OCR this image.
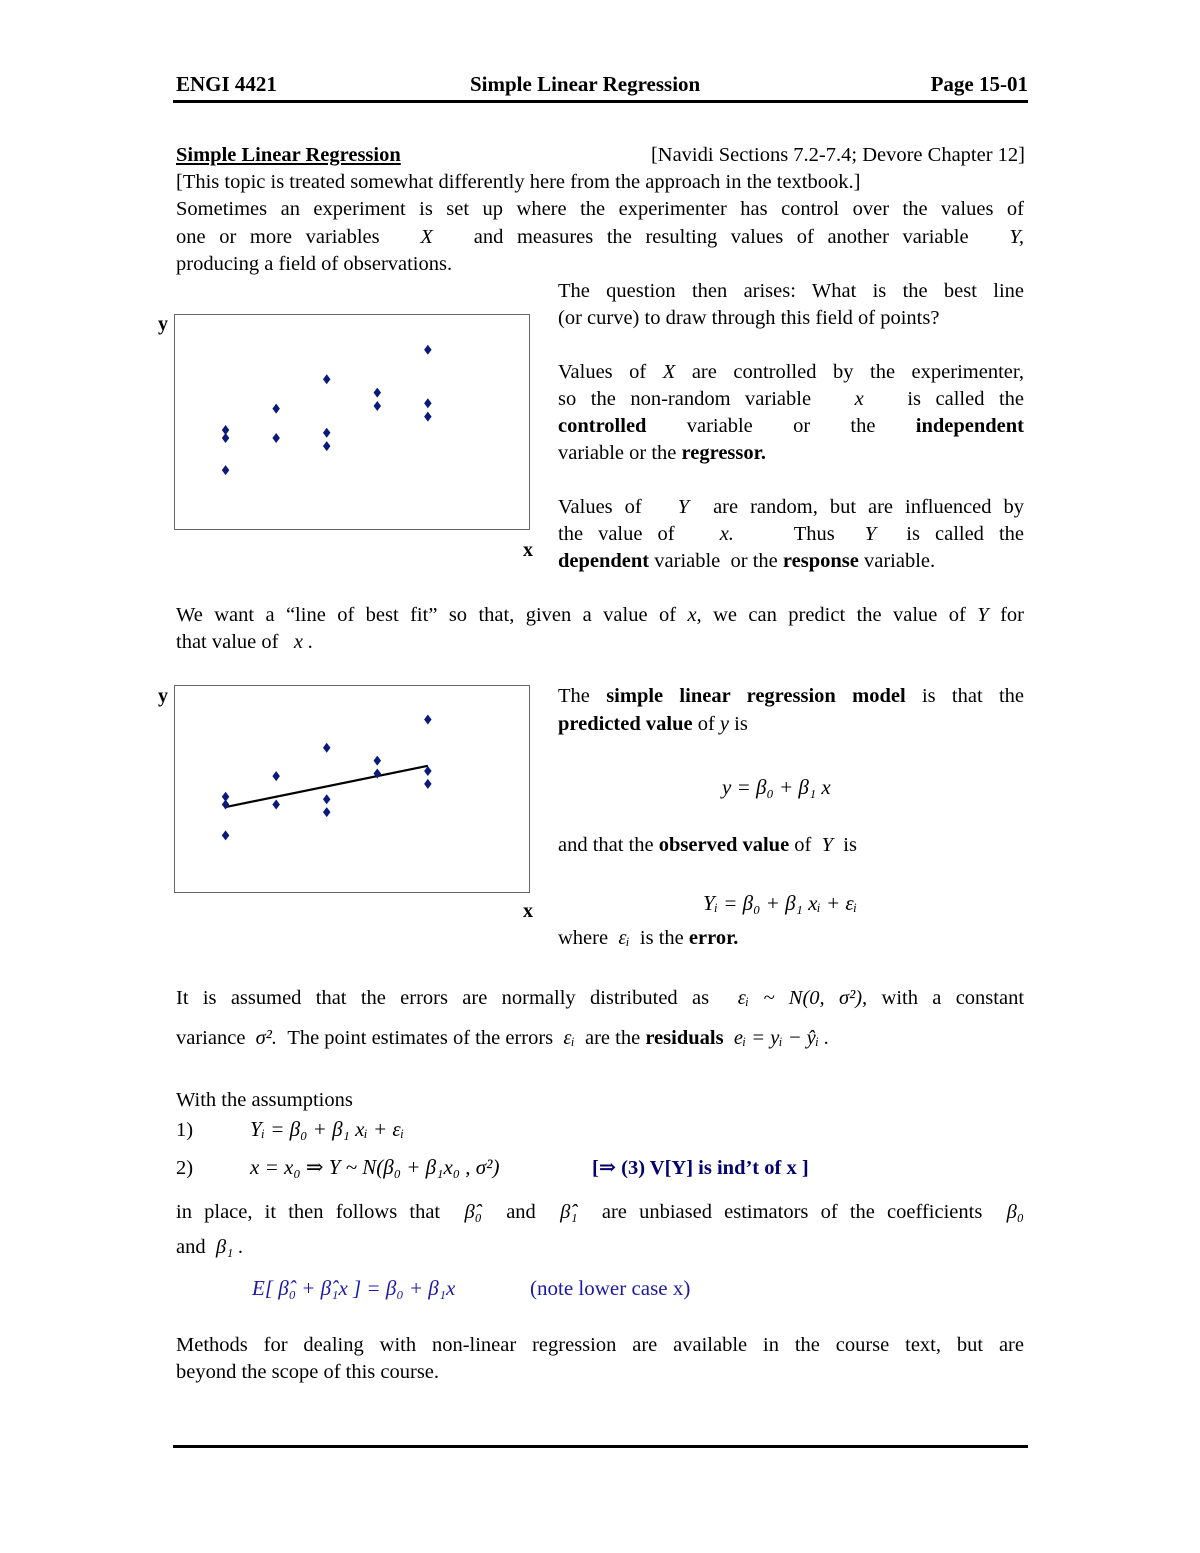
ENGI 4421	Simple Linear Regression	Page 15-01
Simple Linear Regression	[Navidi Sections 7.2-7.4; Devore Chapter 12]
[This topic is treated somewhat differently here from the approach in the textbook.]
Sometimes an experiment is set up where the experimenter has control over the values of
one or more variables X and measures the resulting values of another variable Y,
producing a field of observations.
y
x
The question then arises: What is the best line
(or curve) to draw through this field of points?
Values of X are controlled by the experimenter,
so the non-random variable x is called the
controlled variable or the independent
variable or the regressor.
Values of Y are random, but are influenced by
the value of x.	Thus Y is called the
dependent variable  or the response variable.
We want a “line of best fit” so that, given a value of x, we can predict the value of Y for
that value of x .
y
x
The simple linear regression model is that the
predicted value of y is
y = β₀ + β₁ x
and that the observed value of Y is
Yᵢ = β₀ + β₁ xᵢ + εᵢ
where εᵢ is the error.
It is assumed that the errors are normally distributed as εᵢ ~ N(0, σ²), with a constant
variance σ². The point estimates of the errors εᵢ are the residuals eᵢ = yᵢ − ŷᵢ .
With the assumptions
1)	Yᵢ = β₀ + β₁ xᵢ + εᵢ
2)	x = x₀ ⇒ Y ~ N(β₀ + β₁x₀ , σ²)	[⇒ (3) V[Y] is ind’t of x ]
in place, it then follows that β̂₀ and β̂₁ are unbiased estimators of the coefficients β₀
and β₁ .
E[ β̂₀ + β̂₁x ] = β₀ + β₁x	(note lower case x)
Methods for dealing with non-linear regression are available in the course text, but are
beyond the scope of this course.
